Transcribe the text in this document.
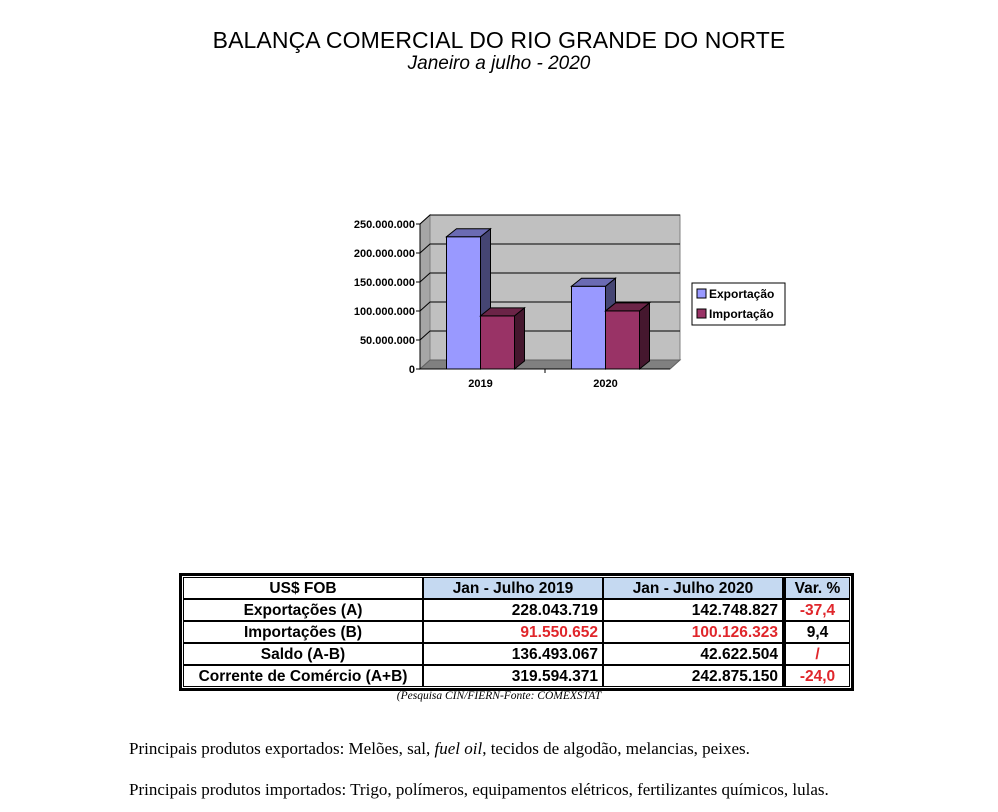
BALANÇA COMERCIAL DO RIO GRANDE DO NORTE
Janeiro a julho - 2020
0
50.000.000
100.000.000
150.000.000
200.000.000
250.000.000
2019	2020
Exportação
Importação
US$ FOB	Jan - Julho 2019	Jan - Julho 2020	Var. %
Exportações (A)	228.043.719	142.748.827	-37,4
Importações (B)	91.550.652	100.126.323	9,4
Saldo (A-B)	136.493.067	42.622.504	/
Corrente de Comércio (A+B)	319.594.371	242.875.150	-24,0
(Pesquisa CIN/FIERN-Fonte: COMEXSTAT
Principais produtos exportados: Melões, sal, fuel oil, tecidos de algodão, melancias, peixes.
Principais produtos importados: Trigo, polímeros, equipamentos elétricos, fertilizantes químicos, lulas.
